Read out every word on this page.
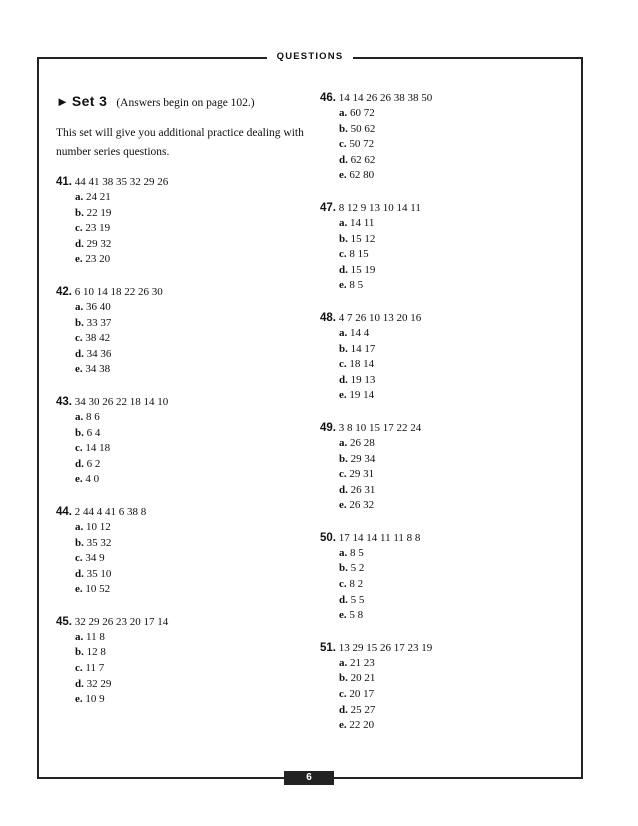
QUESTIONS
► Set 3 (Answers begin on page 102.)
This set will give you additional practice dealing with number series questions.
41. 44 41 38 35 32 29 26
a. 24 21
b. 22 19
c. 23 19
d. 29 32
e. 23 20
42. 6 10 14 18 22 26 30
a. 36 40
b. 33 37
c. 38 42
d. 34 36
e. 34 38
43. 34 30 26 22 18 14 10
a. 8 6
b. 6 4
c. 14 18
d. 6 2
e. 4 0
44. 2 44 4 41 6 38 8
a. 10 12
b. 35 32
c. 34 9
d. 35 10
e. 10 52
45. 32 29 26 23 20 17 14
a. 11 8
b. 12 8
c. 11 7
d. 32 29
e. 10 9
46. 14 14 26 26 38 38 50
a. 60 72
b. 50 62
c. 50 72
d. 62 62
e. 62 80
47. 8 12 9 13 10 14 11
a. 14 11
b. 15 12
c. 8 15
d. 15 19
e. 8 5
48. 4 7 26 10 13 20 16
a. 14 4
b. 14 17
c. 18 14
d. 19 13
e. 19 14
49. 3 8 10 15 17 22 24
a. 26 28
b. 29 34
c. 29 31
d. 26 31
e. 26 32
50. 17 14 14 11 11 8 8
a. 8 5
b. 5 2
c. 8 2
d. 5 5
e. 5 8
51. 13 29 15 26 17 23 19
a. 21 23
b. 20 21
c. 20 17
d. 25 27
e. 22 20
6
